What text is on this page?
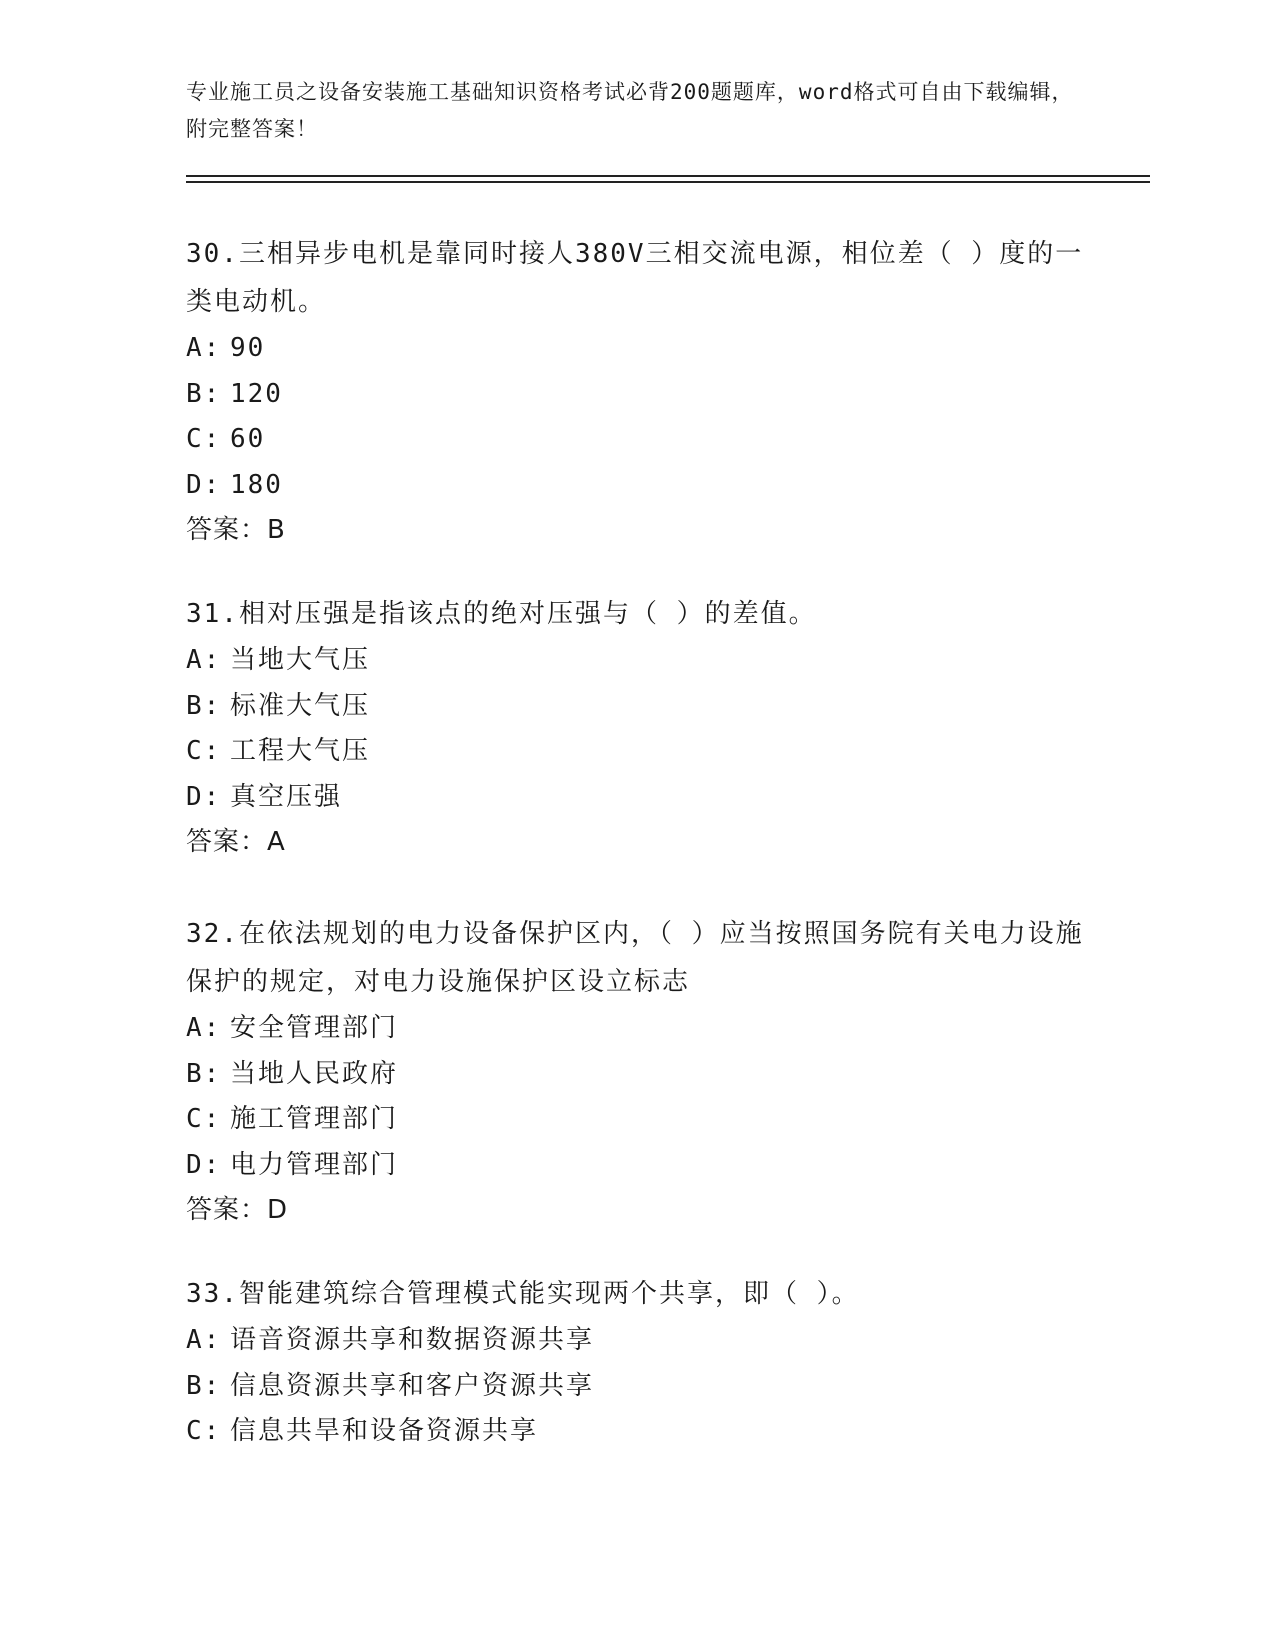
专业施工员之设备安装施工基础知识资格考试必背200题题库，word格式可自由下载编辑，附完整答案！

30.三相异步电机是靠同时接人380V三相交流电源，相位差（ ）度的一类电动机。

A: 90

B: 120

C: 60

D: 180

答案：B

31.相对压强是指该点的绝对压强与（ ）的差值。

A: 当地大气压

B: 标准大气压

C: 工程大气压

D: 真空压强

答案：A

32.在依法规划的电力设备保护区内，（ ）应当按照国务院有关电力设施保护的规定，对电力设施保护区设立标志

A: 安全管理部门

B: 当地人民政府

C: 施工管理部门

D: 电力管理部门

答案：D

33.智能建筑综合管理模式能实现两个共享，即（ ）。

A: 语音资源共享和数据资源共享

B: 信息资源共享和客户资源共享

C: 信息共旱和设备资源共享
